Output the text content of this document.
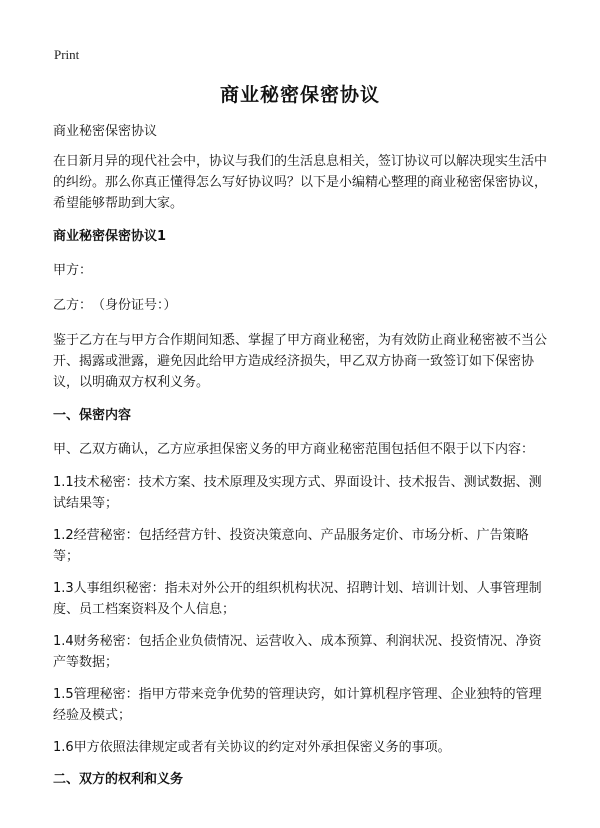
Print
商业秘密保密协议

商业秘密保密协议

在日新月异的现代社会中，协议与我们的生活息息相关，签订协议可以解决现实生活中的纠纷。那么你真正懂得怎么写好协议吗？以下是小编精心整理的商业秘密保密协议，希望能够帮助到大家。

商业秘密保密协议1

甲方：

乙方：　（身份证号：）

鉴于乙方在与甲方合作期间知悉、掌握了甲方商业秘密，为有效防止商业秘密被不当公开、揭露或泄露，避免因此给甲方造成经济损失，甲乙双方协商一致签订如下保密协议，以明确双方权利义务。

一、保密内容

甲、乙双方确认，乙方应承担保密义务的甲方商业秘密范围包括但不限于以下内容：

1.1技术秘密：技术方案、技术原理及实现方式、界面设计、技术报告、测试数据、测试结果等；

1.2经营秘密：包括经营方针、投资决策意向、产品服务定价、市场分析、广告策略等；

1.3人事组织秘密：指未对外公开的组织机构状况、招聘计划、培训计划、人事管理制度、员工档案资料及个人信息；

1.4财务秘密：包括企业负债情况、运营收入、成本预算、利润状况、投资情况、净资产等数据；

1.5管理秘密：指甲方带来竞争优势的管理诀窍，如计算机程序管理、企业独特的管理经验及模式；

1.6甲方依照法律规定或者有关协议的约定对外承担保密义务的事项。

二、双方的权利和义务
